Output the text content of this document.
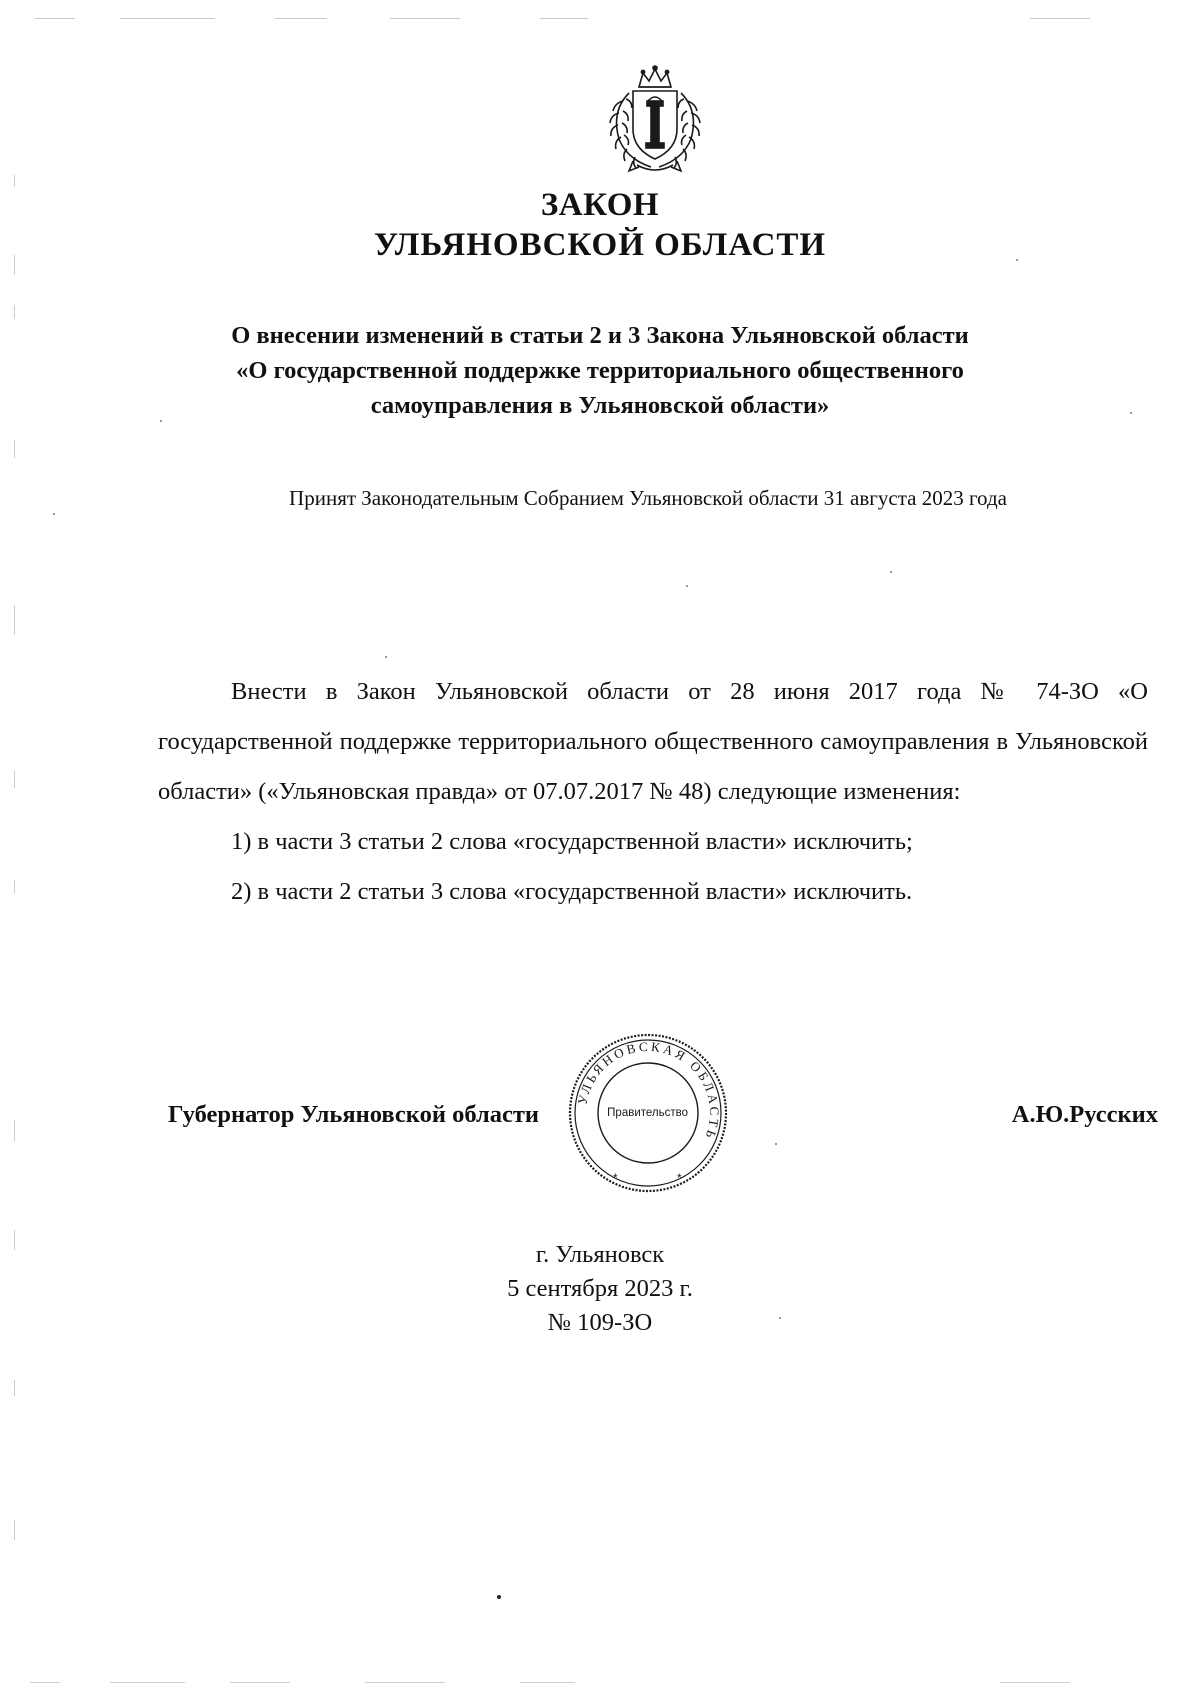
ЗАКОН
УЛЬЯНОВСКОЙ ОБЛАСТИ
О внесении изменений в статьи 2 и 3 Закона Ульяновской области
«О государственной поддержке территориального общественного
самоуправления в Ульяновской области»
Принят Законодательным Собранием Ульяновской области 31 августа 2023 года

Внести в Закон Ульяновской области от 28 июня 2017 года № 74-ЗО «О государственной поддержке территориального общественного самоуправления в Ульяновской области» («Ульяновская правда» от 07.07.2017 № 48) следующие изменения:

1) в части 3 статьи 2 слова «государственной власти» исключить;

2) в части 2 статьи 3 слова «государственной власти» исключить.

Губернатор Ульяновской области	А.Ю.Русских
УЛЬЯНОВСКАЯ ОБЛАСТЬ
Правительство
*	*
г. Ульяновск
5 сентября 2023 г.
№ 109-ЗО
